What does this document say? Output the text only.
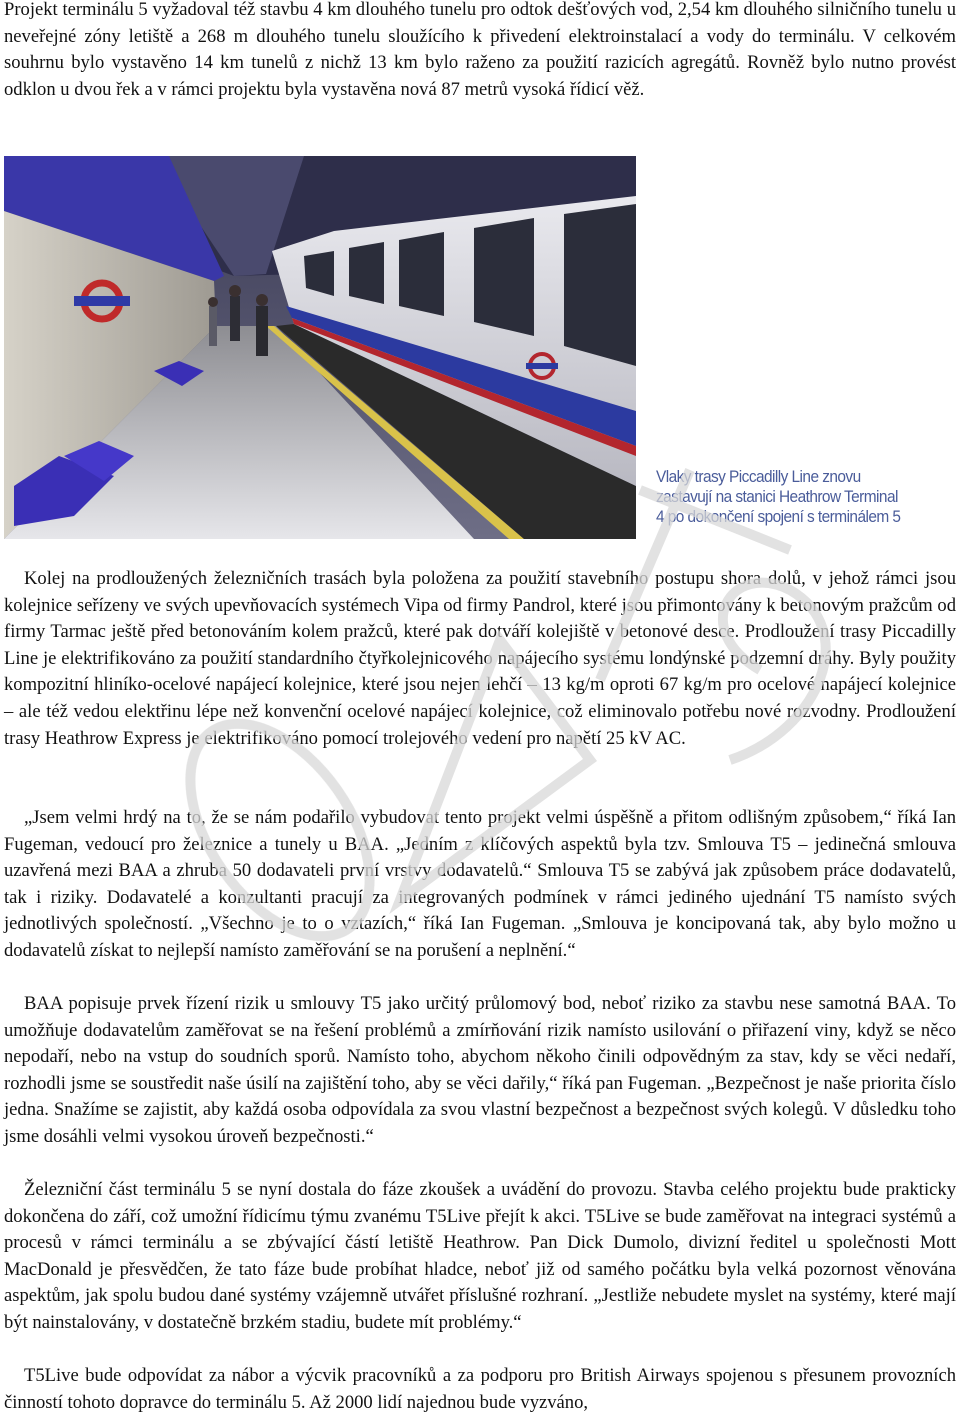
Projekt terminálu 5 vyžadoval též stavbu 4 km dlouhého tunelu pro odtok dešťových vod, 2,54 km dlouhého silničního tunelu u neveřejné zóny letiště a 268 m dlouhého tunelu sloužícího k přivedení elektroinstalací a vody do terminálu. V celkovém souhrnu bylo vystavěno 14 km tunelů z nichž 13 km bylo raženo za použití razicích agregátů. Rovněž bylo nutno provést odklon u dvou řek a v rámci projektu byla vystavěna nová 87 metrů vysoká řídicí věž.

Vlaky trasy Piccadilly Line znovu
zastavují na stanici Heathrow Terminal
4 po dokončení spojení s terminálem 5

Kolej na prodloužených železničních trasách byla položena za použití stavebního postupu shora dolů, v jehož rámci jsou kolejnice seřízeny ve svých upevňovacích systémech Vipa od firmy Pandrol, které jsou přimontovány k betonovým pražcům od firmy Tarmac ještě před betonováním kolem pražců, které pak dotváří kolejiště v betonové desce. Prodloužení trasy Piccadilly Line je elektrifikováno za použití standardního čtyřkolejnicového napájecího systému londýnské podzemní dráhy. Byly použity kompozitní hliníko-ocelové napájecí kolejnice, které jsou nejen lehčí – 13 kg/m oproti 67 kg/m pro ocelové napájecí kolejnice – ale též vedou elektřinu lépe než konvenční ocelové napájecí kolejnice, což eliminovalo potřebu nové rozvodny. Prodloužení trasy Heathrow Express je elektrifikováno pomocí trolejového vedení pro napětí 25 kV AC.

„Jsem velmi hrdý na to, že se nám podařilo vybudovat tento projekt velmi úspěšně a přitom odlišným způsobem,“ říká Ian Fugeman, vedoucí pro železnice a tunely u BAA. „Jedním z klíčových aspektů byla tzv. Smlouva T5 – jedinečná smlouva uzavřená mezi BAA a zhruba 50 dodavateli první vrstvy dodavatelů.“ Smlouva T5 se zabývá jak způsobem práce dodavatelů, tak i riziky. Dodavatelé a konzultanti pracují za integrovaných podmínek v rámci jediného ujednání T5 namísto svých jednotlivých společností. „Všechno je to o vztazích,“ říká Ian Fugeman. „Smlouva je koncipovaná tak, aby bylo možno u dodavatelů získat to nejlepší namísto zaměřování se na porušení a neplnění.“

BAA popisuje prvek řízení rizik u smlouvy T5 jako určitý průlomový bod, neboť riziko za stavbu nese samotná BAA. To umožňuje dodavatelům zaměřovat se na řešení problémů a zmírňování rizik namísto usilování o přiřazení viny, když se něco nepodaří, nebo na vstup do soudních sporů. Namísto toho, abychom někoho činili odpovědným za stav, kdy se věci nedaří, rozhodli jsme se soustředit naše úsilí na zajištění toho, aby se věci dařily,“ říká pan Fugeman. „Bezpečnost je naše priorita číslo jedna. Snažíme se zajistit, aby každá osoba odpovídala za svou vlastní bezpečnost a bezpečnost svých kolegů. V důsledku toho jsme dosáhli velmi vysokou úroveň bezpečnosti.“

Železniční část terminálu 5 se nyní dostala do fáze zkoušek a uvádění do provozu. Stavba celého projektu bude prakticky dokončena do září, což umožní řídicímu týmu zvanému T5Live přejít k akci. T5Live se bude zaměřovat na integraci systémů a procesů v rámci terminálu a se zbývající částí letiště Heathrow. Pan Dick Dumolo, divizní ředitel u společnosti Mott MacDonald je přesvědčen, že tato fáze bude probíhat hladce, neboť již od samého počátku byla velká pozornost věnována aspektům, jak spolu budou dané systémy vzájemně utvářet příslušné rozhraní. „Jestliže nebudete myslet na systémy, které mají být nainstalovány, v dostatečně brzkém stadiu, budete mít problémy.“

T5Live bude odpovídat za nábor a výcvik pracovníků a za podporu pro British Airways spojenou s přesunem provozních činností tohoto dopravce do terminálu 5. Až 2000 lidí najednou bude vyzváno,
